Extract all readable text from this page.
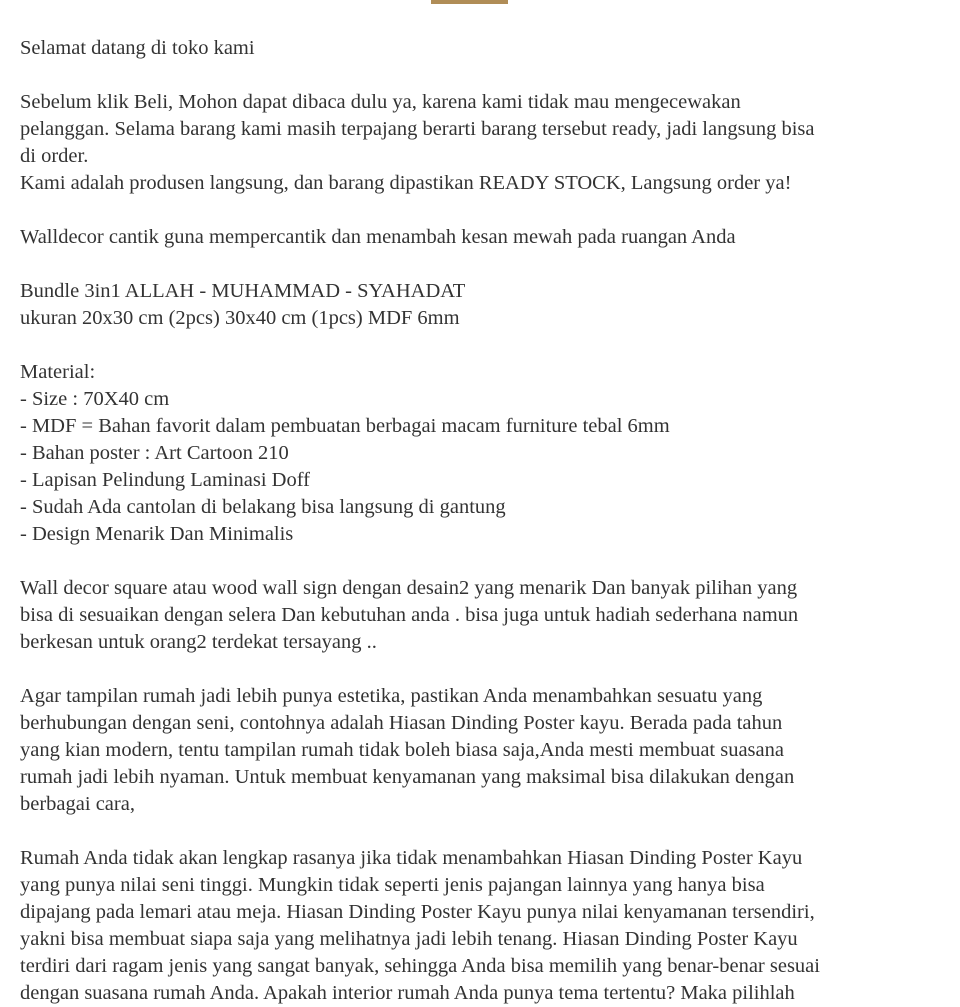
Selamat datang di toko kami
Sebelum klik Beli, Mohon dapat dibaca dulu ya, karena kami tidak mau mengecewakan
pelanggan. Selama barang kami masih terpajang berarti barang tersebut ready, jadi langsung bisa
di order.
Kami adalah produsen langsung, dan barang dipastikan READY STOCK, Langsung order ya!
Walldecor cantik guna mempercantik dan menambah kesan mewah pada ruangan Anda
Bundle 3in1 ALLAH - MUHAMMAD - SYAHADAT
ukuran 20x30 cm (2pcs) 30x40 cm (1pcs) MDF 6mm
Material:
- Size : 70X40 cm
- MDF = Bahan favorit dalam pembuatan berbagai macam furniture tebal 6mm
- Bahan poster : Art Cartoon 210
- Lapisan Pelindung Laminasi Doff
- Sudah Ada cantolan di belakang bisa langsung di gantung
- Design Menarik Dan Minimalis
Wall decor square atau wood wall sign dengan desain2 yang menarik Dan banyak pilihan yang
bisa di sesuaikan dengan selera Dan kebutuhan anda . bisa juga untuk hadiah sederhana namun
berkesan untuk orang2 terdekat tersayang ..
Agar tampilan rumah jadi lebih punya estetika, pastikan Anda menambahkan sesuatu yang
berhubungan dengan seni, contohnya adalah Hiasan Dinding Poster kayu. Berada pada tahun
yang kian modern, tentu tampilan rumah tidak boleh biasa saja,Anda mesti membuat suasana
rumah jadi lebih nyaman. Untuk membuat kenyamanan yang maksimal bisa dilakukan dengan
berbagai cara,
Rumah Anda tidak akan lengkap rasanya jika tidak menambahkan Hiasan Dinding Poster Kayu
yang punya nilai seni tinggi. Mungkin tidak seperti jenis pajangan lainnya yang hanya bisa
dipajang pada lemari atau meja. Hiasan Dinding Poster Kayu punya nilai kenyamanan tersendiri,
yakni bisa membuat siapa saja yang melihatnya jadi lebih tenang. Hiasan Dinding Poster Kayu
terdiri dari ragam jenis yang sangat banyak, sehingga Anda bisa memilih yang benar-benar sesuai
dengan suasana rumah Anda. Apakah interior rumah Anda punya tema tertentu? Maka pilihlah
